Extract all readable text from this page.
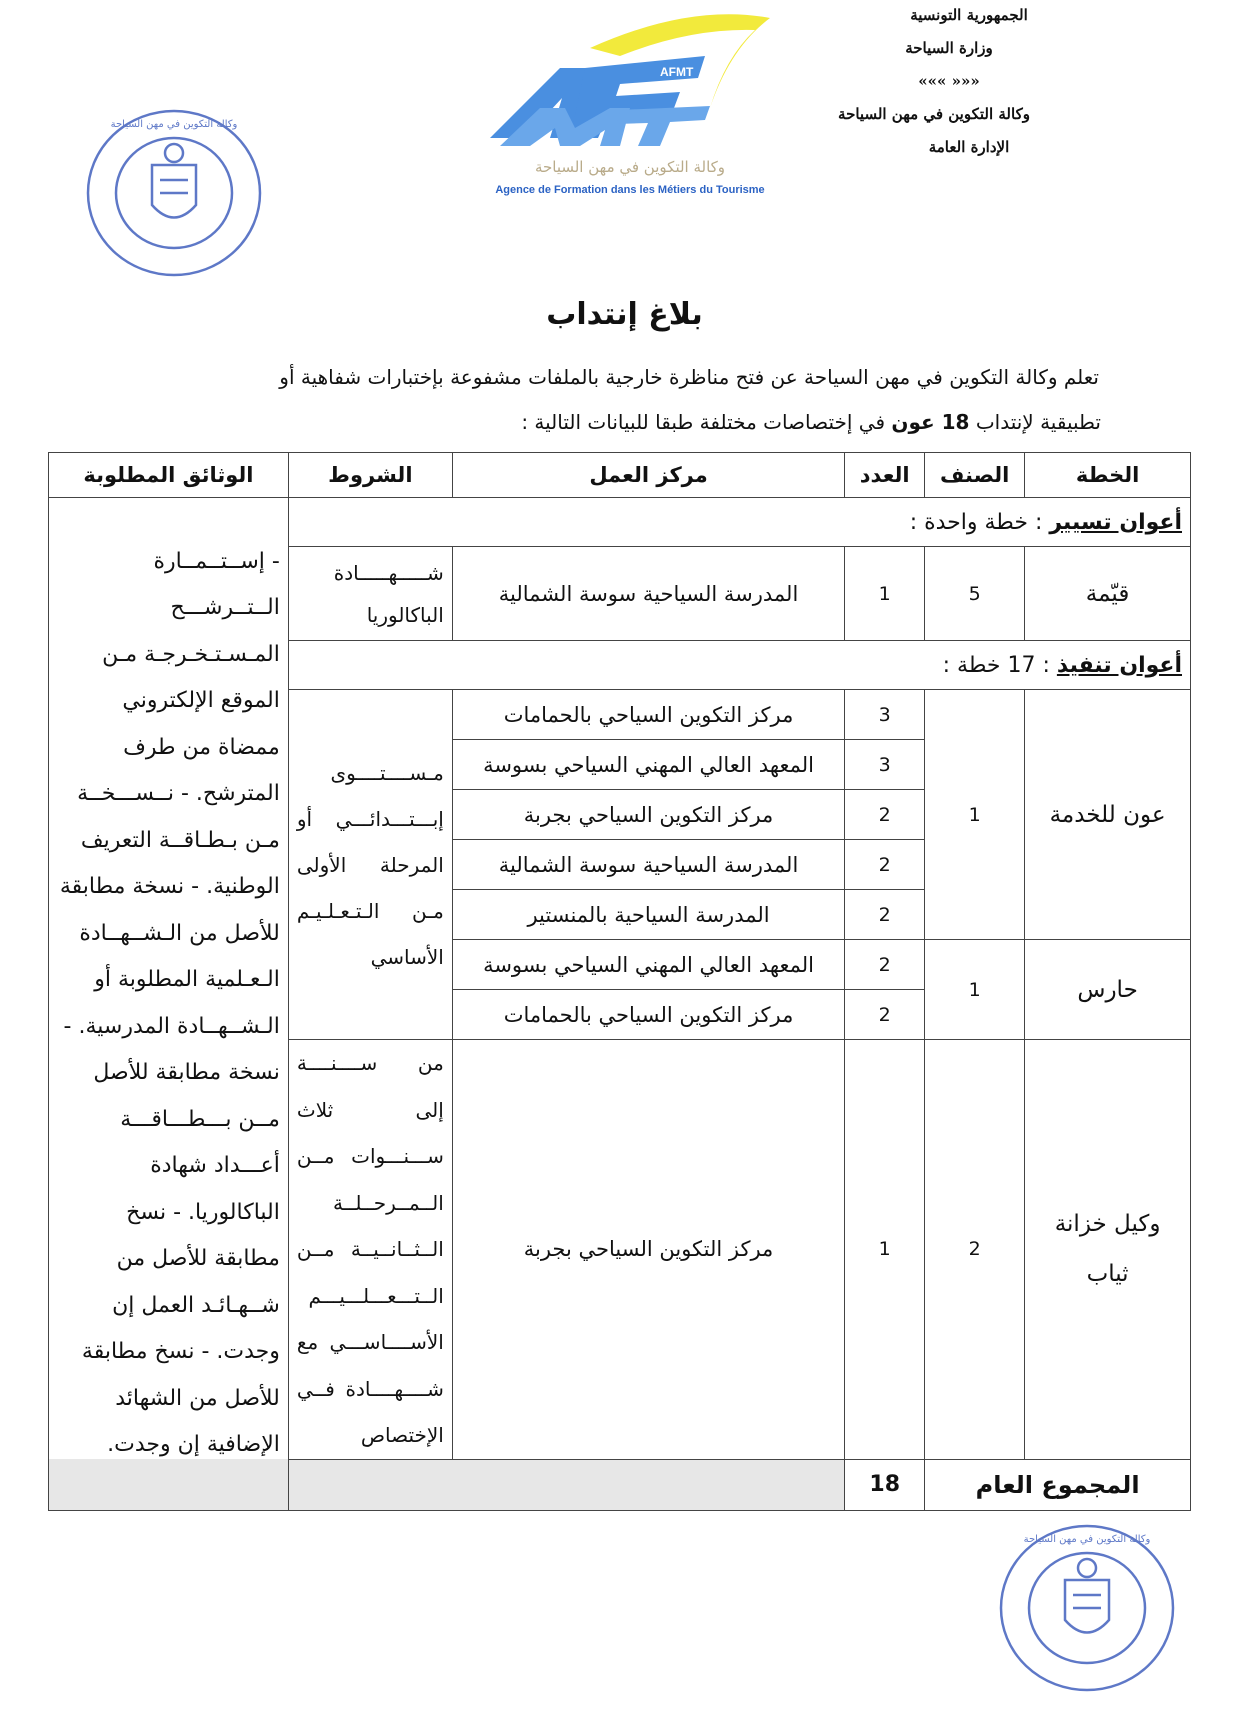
الجمهورية التونسية
وزارة السياحة
««« »»»
وكالة التكوين في مهن السياحة
الإدارة العامة
AFMT
وكالة التكوين في مهن السياحة
Agence de Formation dans les Métiers du Tourisme
وكالة التكوين في مهن السياحة
وكالة التكوين في مهن السياحة
بلاغ إنتداب
تعلم وكالة التكوين في مهن السياحة عن فتح مناظرة خارجية بالملفات مشفوعة بإختبارات شفاهية أو
تطبيقية لإنتداب 18 عون في إختصاصات مختلفة طبقا للبيانات التالية :
الخطة	الصنف	العدد	مركز العمل	الشروط	الوثائق المطلوبة
أعوان تسيير : خطة واحدة :					- إســتــمــارة الــتــرشـــح المـسـتـخـرجـة مـن الموقع الإلكتروني ممضاة من طرف المترشح. - نــســـخــة مـن بـطـاقــة التعريف الوطنية. - نسخة مطابقة للأصل من الـشــهــادة الـعـلمية المطلوبة أو الـشــهــادة المدرسية. - نسخة مطابقة للأصل مــن بـــطـــاقـــة أعـــداد شهادة الباكالوريا. - نسخ مطابقة للأصل من شــهـائـد العمل إن وجدت. - نسخ مطابقة للأصل من الشهائد الإضافية إن وجدت.
قيّمة	5	1	المدرسة السياحية سوسة الشمالية	شـــــهـــــادة الباكالوريا	
أعوان تنفيذ : 17 خطة :					
عون للخدمة	1	3	مركز التكوين السياحي بالحمامات	مـســــتــــوى إبـــتـــدائـــي أو المرحلة الأولى مـن الـتـعـلـيـم الأساسي	
		3	المعهد العالي المهني السياحي بسوسة		
		2	مركز التكوين السياحي بجربة		
		2	المدرسة السياحية سوسة الشمالية		
		2	المدرسة السياحية بالمنستير		
حارس	1	2	المعهد العالي المهني السياحي بسوسة		
		2	مركز التكوين السياحي بالحمامات		
وكيل خزانة ثياب	2	1	مركز التكوين السياحي بجربة	من ســــنــــة إلى ثلاث ســـنـــوات مــن الــمــرحــلــة الــثــانــيــة مــن الــتـــعـــلـــيـــم الأســــاســـي مع شــــهــــادة فــي الإختصاص	
المجموع العام		18			
